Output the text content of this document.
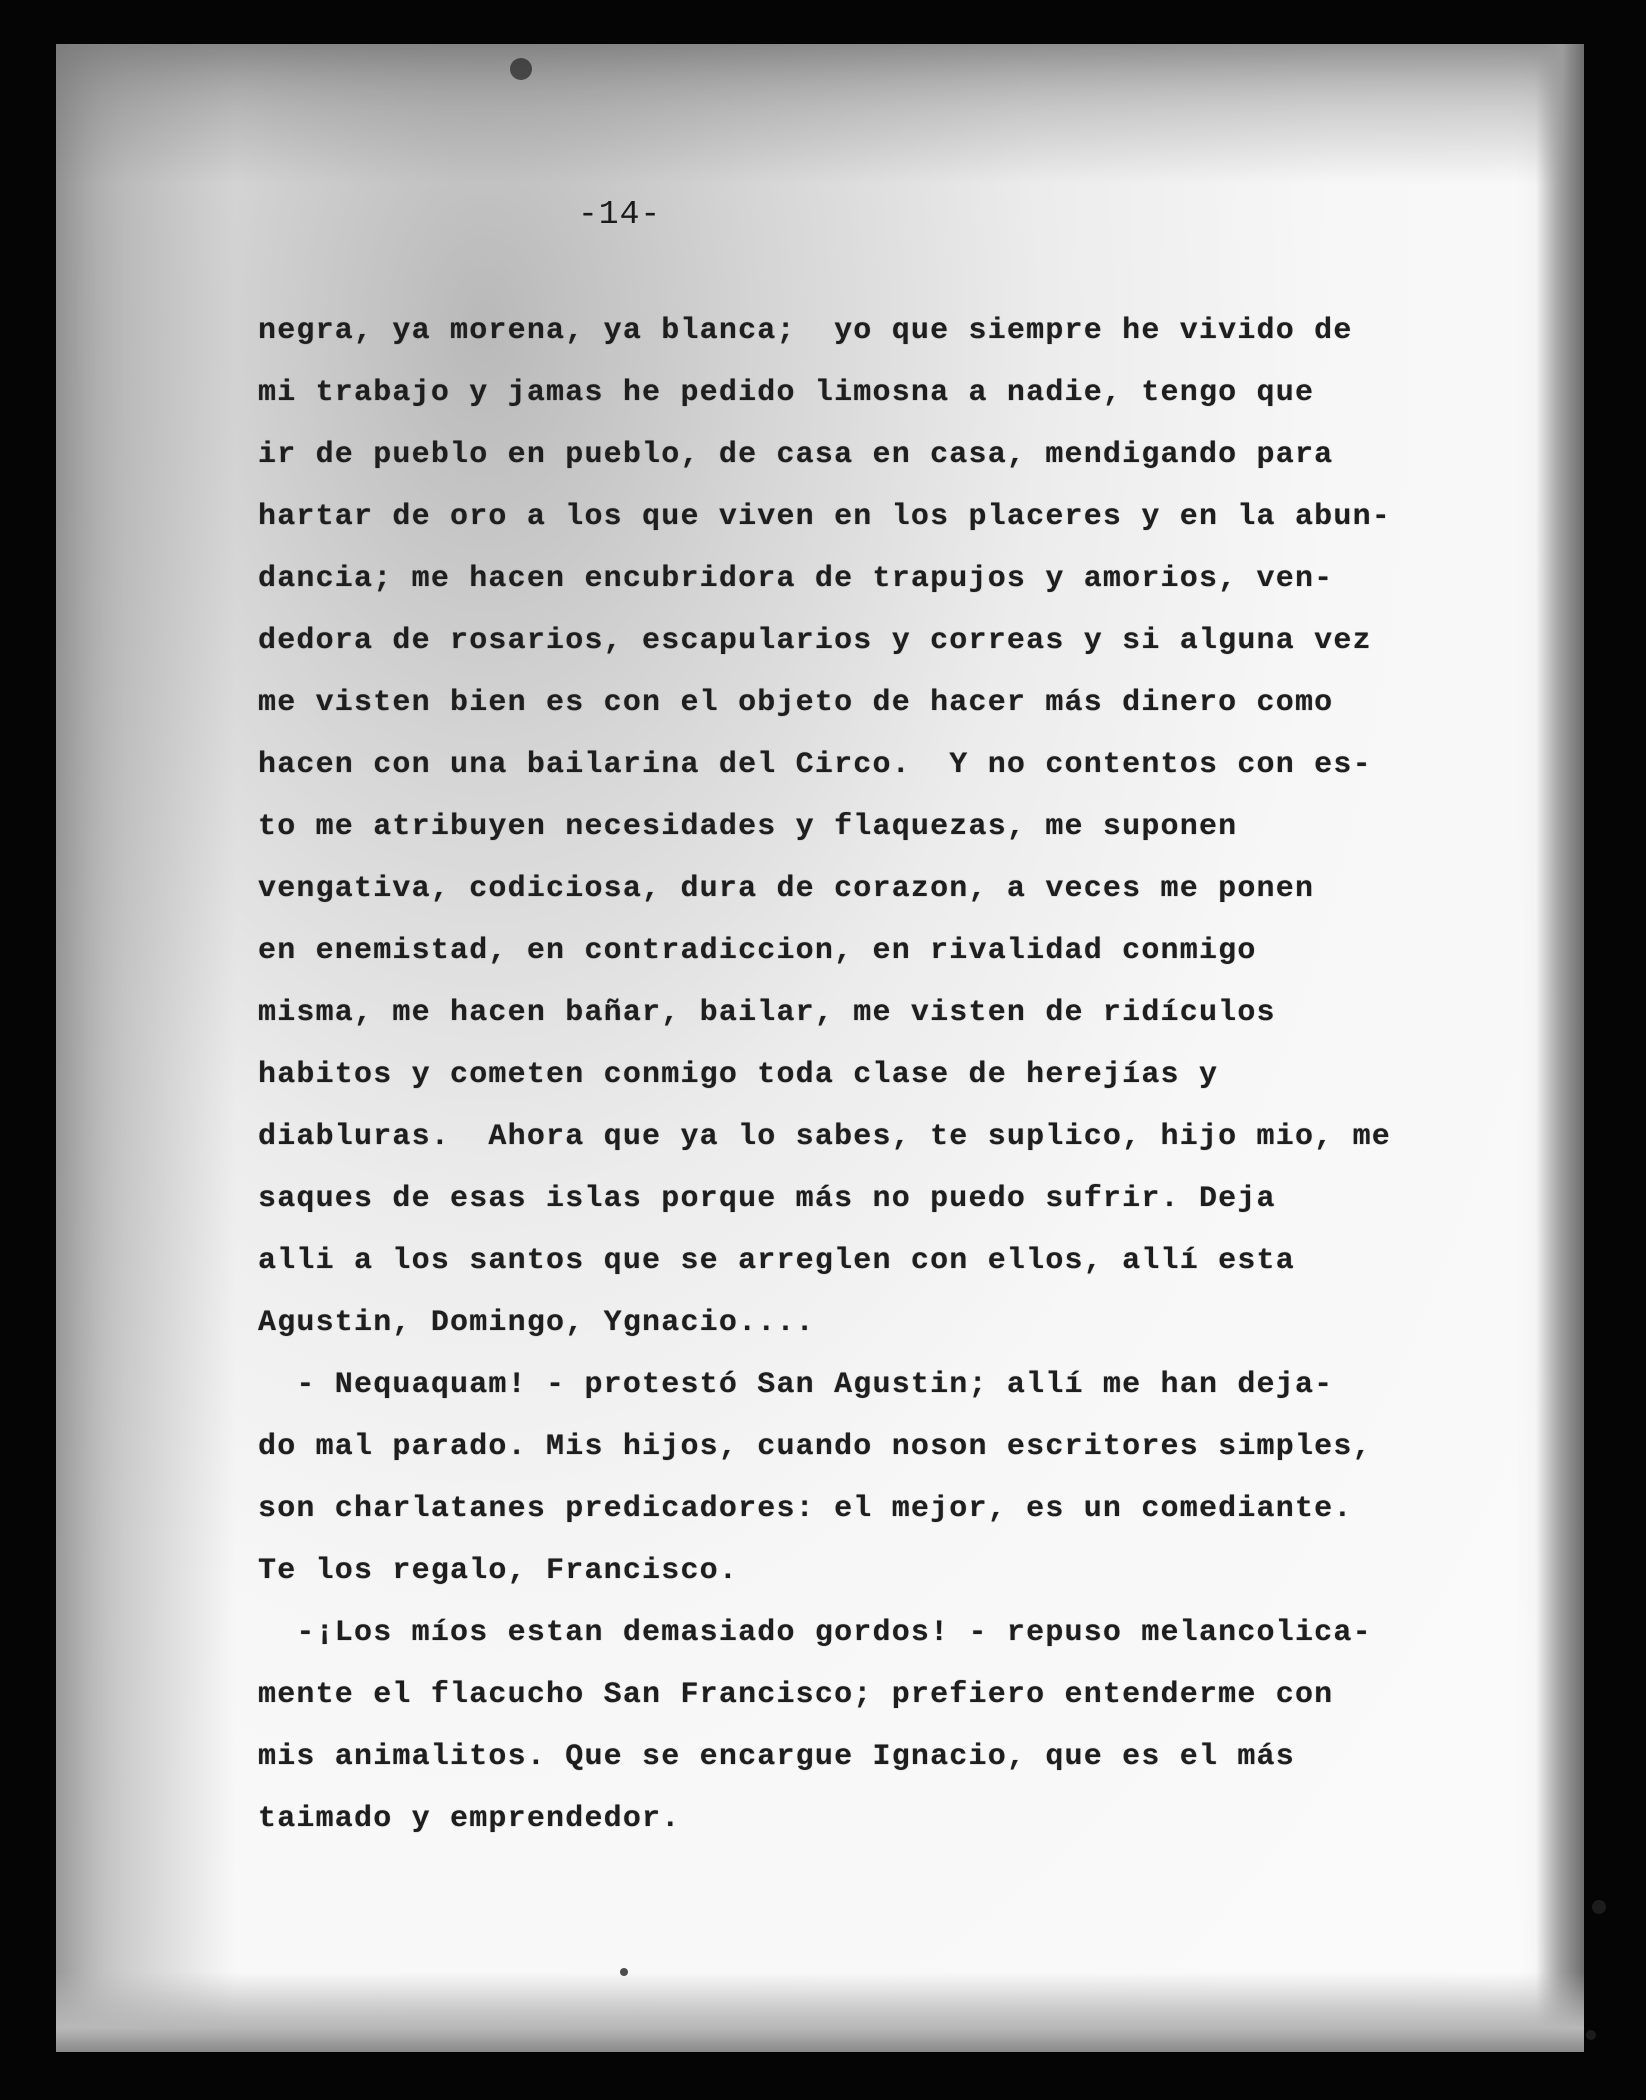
-14-
negra, ya morena, ya blanca;  yo que siempre he vivido de
mi trabajo y jamas he pedido limosna a nadie, tengo que
ir de pueblo en pueblo, de casa en casa, mendigando para
hartar de oro a los que viven en los placeres y en la abun-
dancia; me hacen encubridora de trapujos y amorios, ven-
dedora de rosarios, escapularios y correas y si alguna vez
me visten bien es con el objeto de hacer más dinero como
hacen con una bailarina del Circo.  Y no contentos con es-
to me atribuyen necesidades y flaquezas, me suponen
vengativa, codiciosa, dura de corazon, a veces me ponen
en enemistad, en contradiccion, en rivalidad conmigo
misma, me hacen bañar, bailar, me visten de ridículos
habitos y cometen conmigo toda clase de herejías y
diabluras.  Ahora que ya lo sabes, te suplico, hijo mio, me
saques de esas islas porque más no puedo sufrir. Deja
alli a los santos que se arreglen con ellos, allí esta
Agustin, Domingo, Ygnacio....
- Nequaquam! - protestó San Agustin; allí me han deja-
do mal parado. Mis hijos, cuando noson escritores simples,
son charlatanes predicadores: el mejor, es un comediante.
Te los regalo, Francisco.
-¡Los míos estan demasiado gordos! - repuso melancolica-
mente el flacucho San Francisco; prefiero entenderme con
mis animalitos. Que se encargue Ignacio, que es el más
taimado y emprendedor.
